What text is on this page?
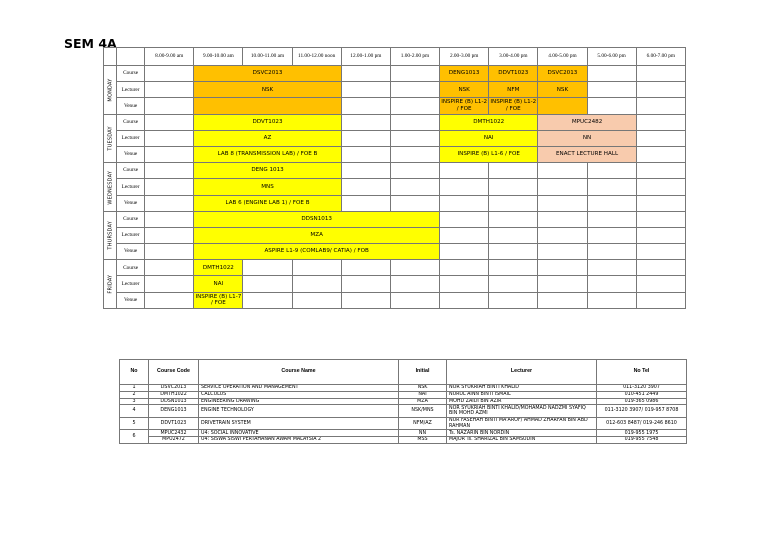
SEM 4A
		8.00-9.00 am	9.00-10.00 am	10.00-11.00 am	11.00-12.00 noon	12.00-1.00 pm	1.00-2.00 pm	2.00-3.00 pm	3.00-4.00 pm	4.00-5.00 pm	5.00-6.00 pm	6.00-7.00 pm
MONDAY	Course		DSVC2013					DENG1013	DDVT1023	DSVC2013		
	Lecturer		NSK					NSK	NFM	NSK		
	Venue							INSPIRE (B) L1-2 / FOE	INSPIRE (B) L1-2 / FOE			
TUESDAY	Course		DDVT1023					DMTH1022		MPUC2482		
	Lecturer		AZ					NAI		NN		
	Venue		LAB 8 (TRANSMISSION LAB) / FOE B					INSPIRE (B) L1-6 / FOE		ENACT LECTURE HALL		
WEDNESDAY	Course		DENG 1013									
	Lecturer		MNS									
	Venue		LAB 6 (ENGINE LAB 1) / FOE B									
THURSDAY	Course		DDSN1013									
	Lecturer		MZA									
	Venue		ASPIRE L1-9 (COMLAB9/ CATIA) / FOB									
FRIDAY	Course		DMTH1022									
	Lecturer		NAI									
	Venue		INSPIRE (B) L1-7 / FOE									
No	Course Code	Course Name	Initial	Lecturer	No Tel
1	DSVC2013	SERVICE OPERATION AND MANAGEMENT	NSK	NOR SYUKRIAH BINTI KHALID	011-3120 3907
2	DMTH1022	CALCULUS	NAI	NURUL AINN BINTI ISMAIL	010-451 2449
3	DDSN1013	ENGINEERING DRAWING	MZA	MOHD ZAIDI BIN AZIR	019-365 0986
4	DENG1013	ENGINE TECHNOLOGY	NSK/MNS	NOR SYUKRIAH BINTI KHALID/MOHAMAD NADZMI SYAFIQ BIN MOHD AZMI	011-3120 3907/ 019-957 8708
5	DDVT1023	DRIVETRAIN SYSTEM	NFM/AZ	NUR FASEHAH BINTI MA'AROF/ AHMAD ZHARFAN BIN ABD RAHMAN	012-603 8487/ 019-246 8610
6	MPUC2432	U4: SOCIAL INNOVATIVE	NN	Ts. NAZARIN BIN NORDIN	019-955 1975
	MPU2472	U4: SISWA SISWI PERTAHANAN AWAM MALAYSIA 2	MSS	MAJOR Ts. SHARIZAL BIN SAMSUDIN	019-955 7548
